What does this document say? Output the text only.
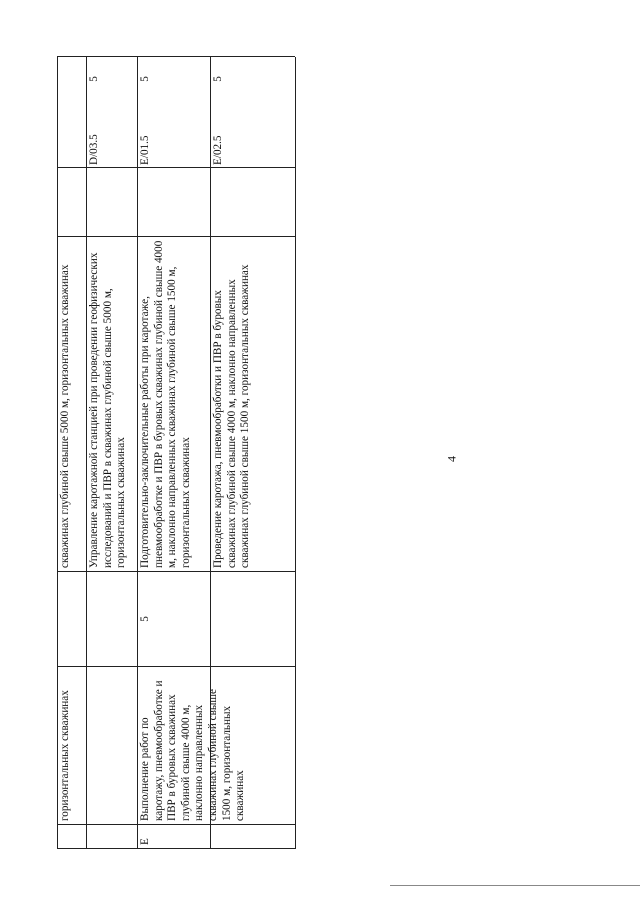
4
горизонтальных скважинах
скважинах глубиной свыше 5000 м, горизонтальных скважинах	Управление каротажной станцией при проведении геофизических исследований и ПВР в скважинах глубиной свыше 5000 м, горизонтальных скважинах
D/03.5
5
E
Выполнение работ по каротажу, пневмообработке и ПВР в буровых скважинах глубиной свыше 4000 м, наклонно направленных скважинах глубиной свыше 1500 м, горизонтальных скважинах
5
Подготовительно-заключительные работы при каротаже, пневмообработке и ПВР в буровых скважинах глубиной свыше 4000 м, наклонно направленных скважинах глубиной свыше 1500 м, горизонтальных скважинах
E/01.5
5
Проведение каротажа, пневмообработки и ПВР в буровых скважинах глубиной свыше 4000 м, наклонно направленных скважинах глубиной свыше 1500 м, горизонтальных скважинах
E/02.5
5
